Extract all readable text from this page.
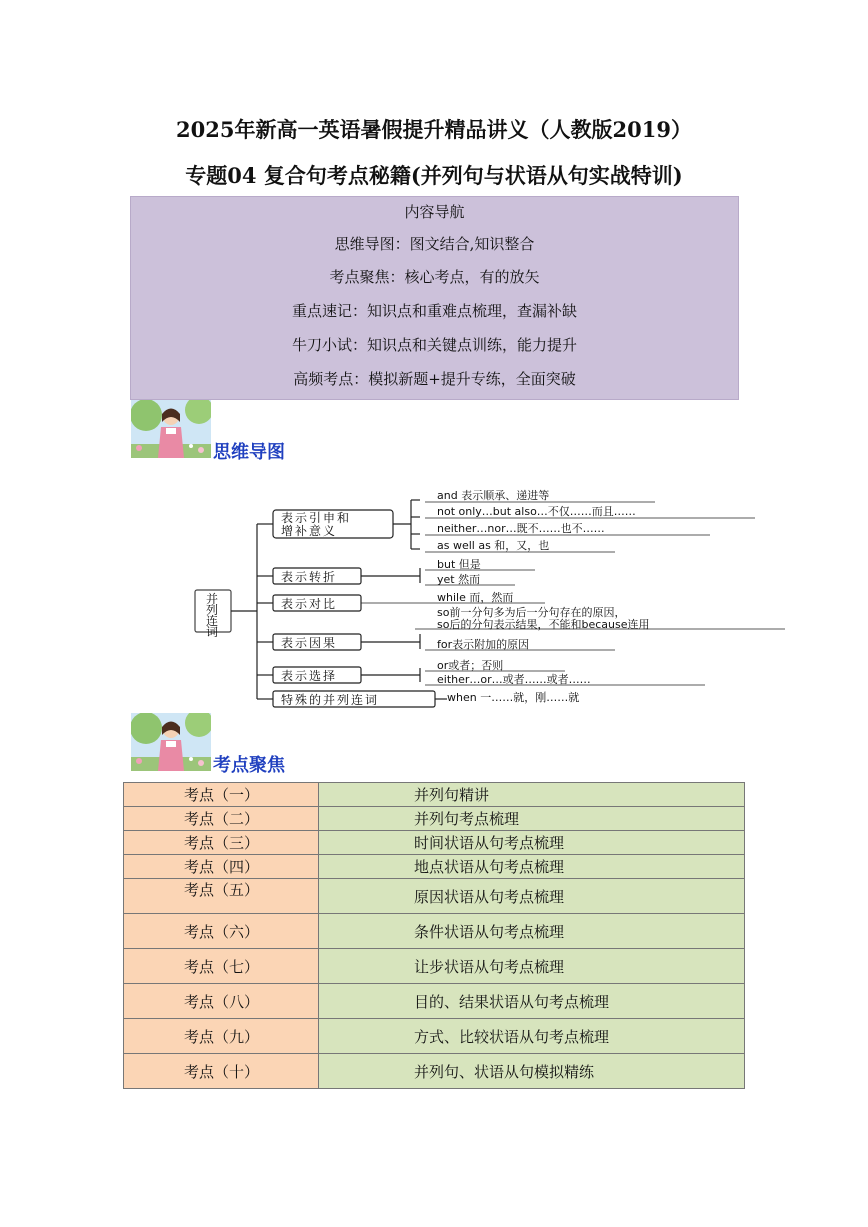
2025年新高一英语暑假提升精品讲义（人教版2019）
专题04 复合句考点秘籍(并列句与状语从句实战特训)
内容导航
思维导图：图文结合,知识整合
考点聚焦：核心考点，有的放矢
重点速记：知识点和重难点梳理，查漏补缺
牛刀小试：知识点和关键点训练，能力提升
高频考点：模拟新题+提升专练，全面突破
思维导图
并
列
连
词
表示引申和
增补意义
表示转折
表示对比
表示因果
表示选择
特殊的并列连词
and 表示顺承、递进等
not only…but also…不仅……而且……
neither…nor…既不……也不……
as well as 和，又，也
but 但是
yet 然而
while 而，然而
so前一分句多为后一分句存在的原因，
so后的分句表示结果，不能和because连用
for表示附加的原因
or或者；否则
either…or…或者……或者……
when 一……就，刚……就
考点聚焦
考点（一）	并列句精讲
考点（二）	并列句考点梳理
考点（三）	时间状语从句考点梳理
考点（四）	地点状语从句考点梳理
考点（五）	原因状语从句考点梳理
考点（六）	条件状语从句考点梳理
考点（七）	让步状语从句考点梳理
考点（八）	目的、结果状语从句考点梳理
考点（九）	方式、比较状语从句考点梳理
考点（十）	并列句、状语从句模拟精练
